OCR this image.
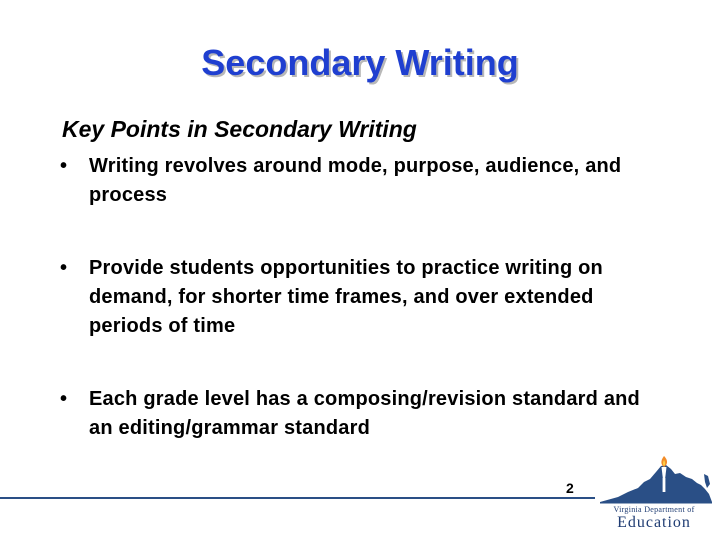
Secondary Writing
Key Points in Secondary Writing
• Writing revolves around mode, purpose, audience, and process
• Provide students opportunities to practice writing on demand, for shorter time frames, and over extended periods of time
• Each grade level has a composing/revision standard and an editing/grammar standard
2
Virginia Department of
Education
